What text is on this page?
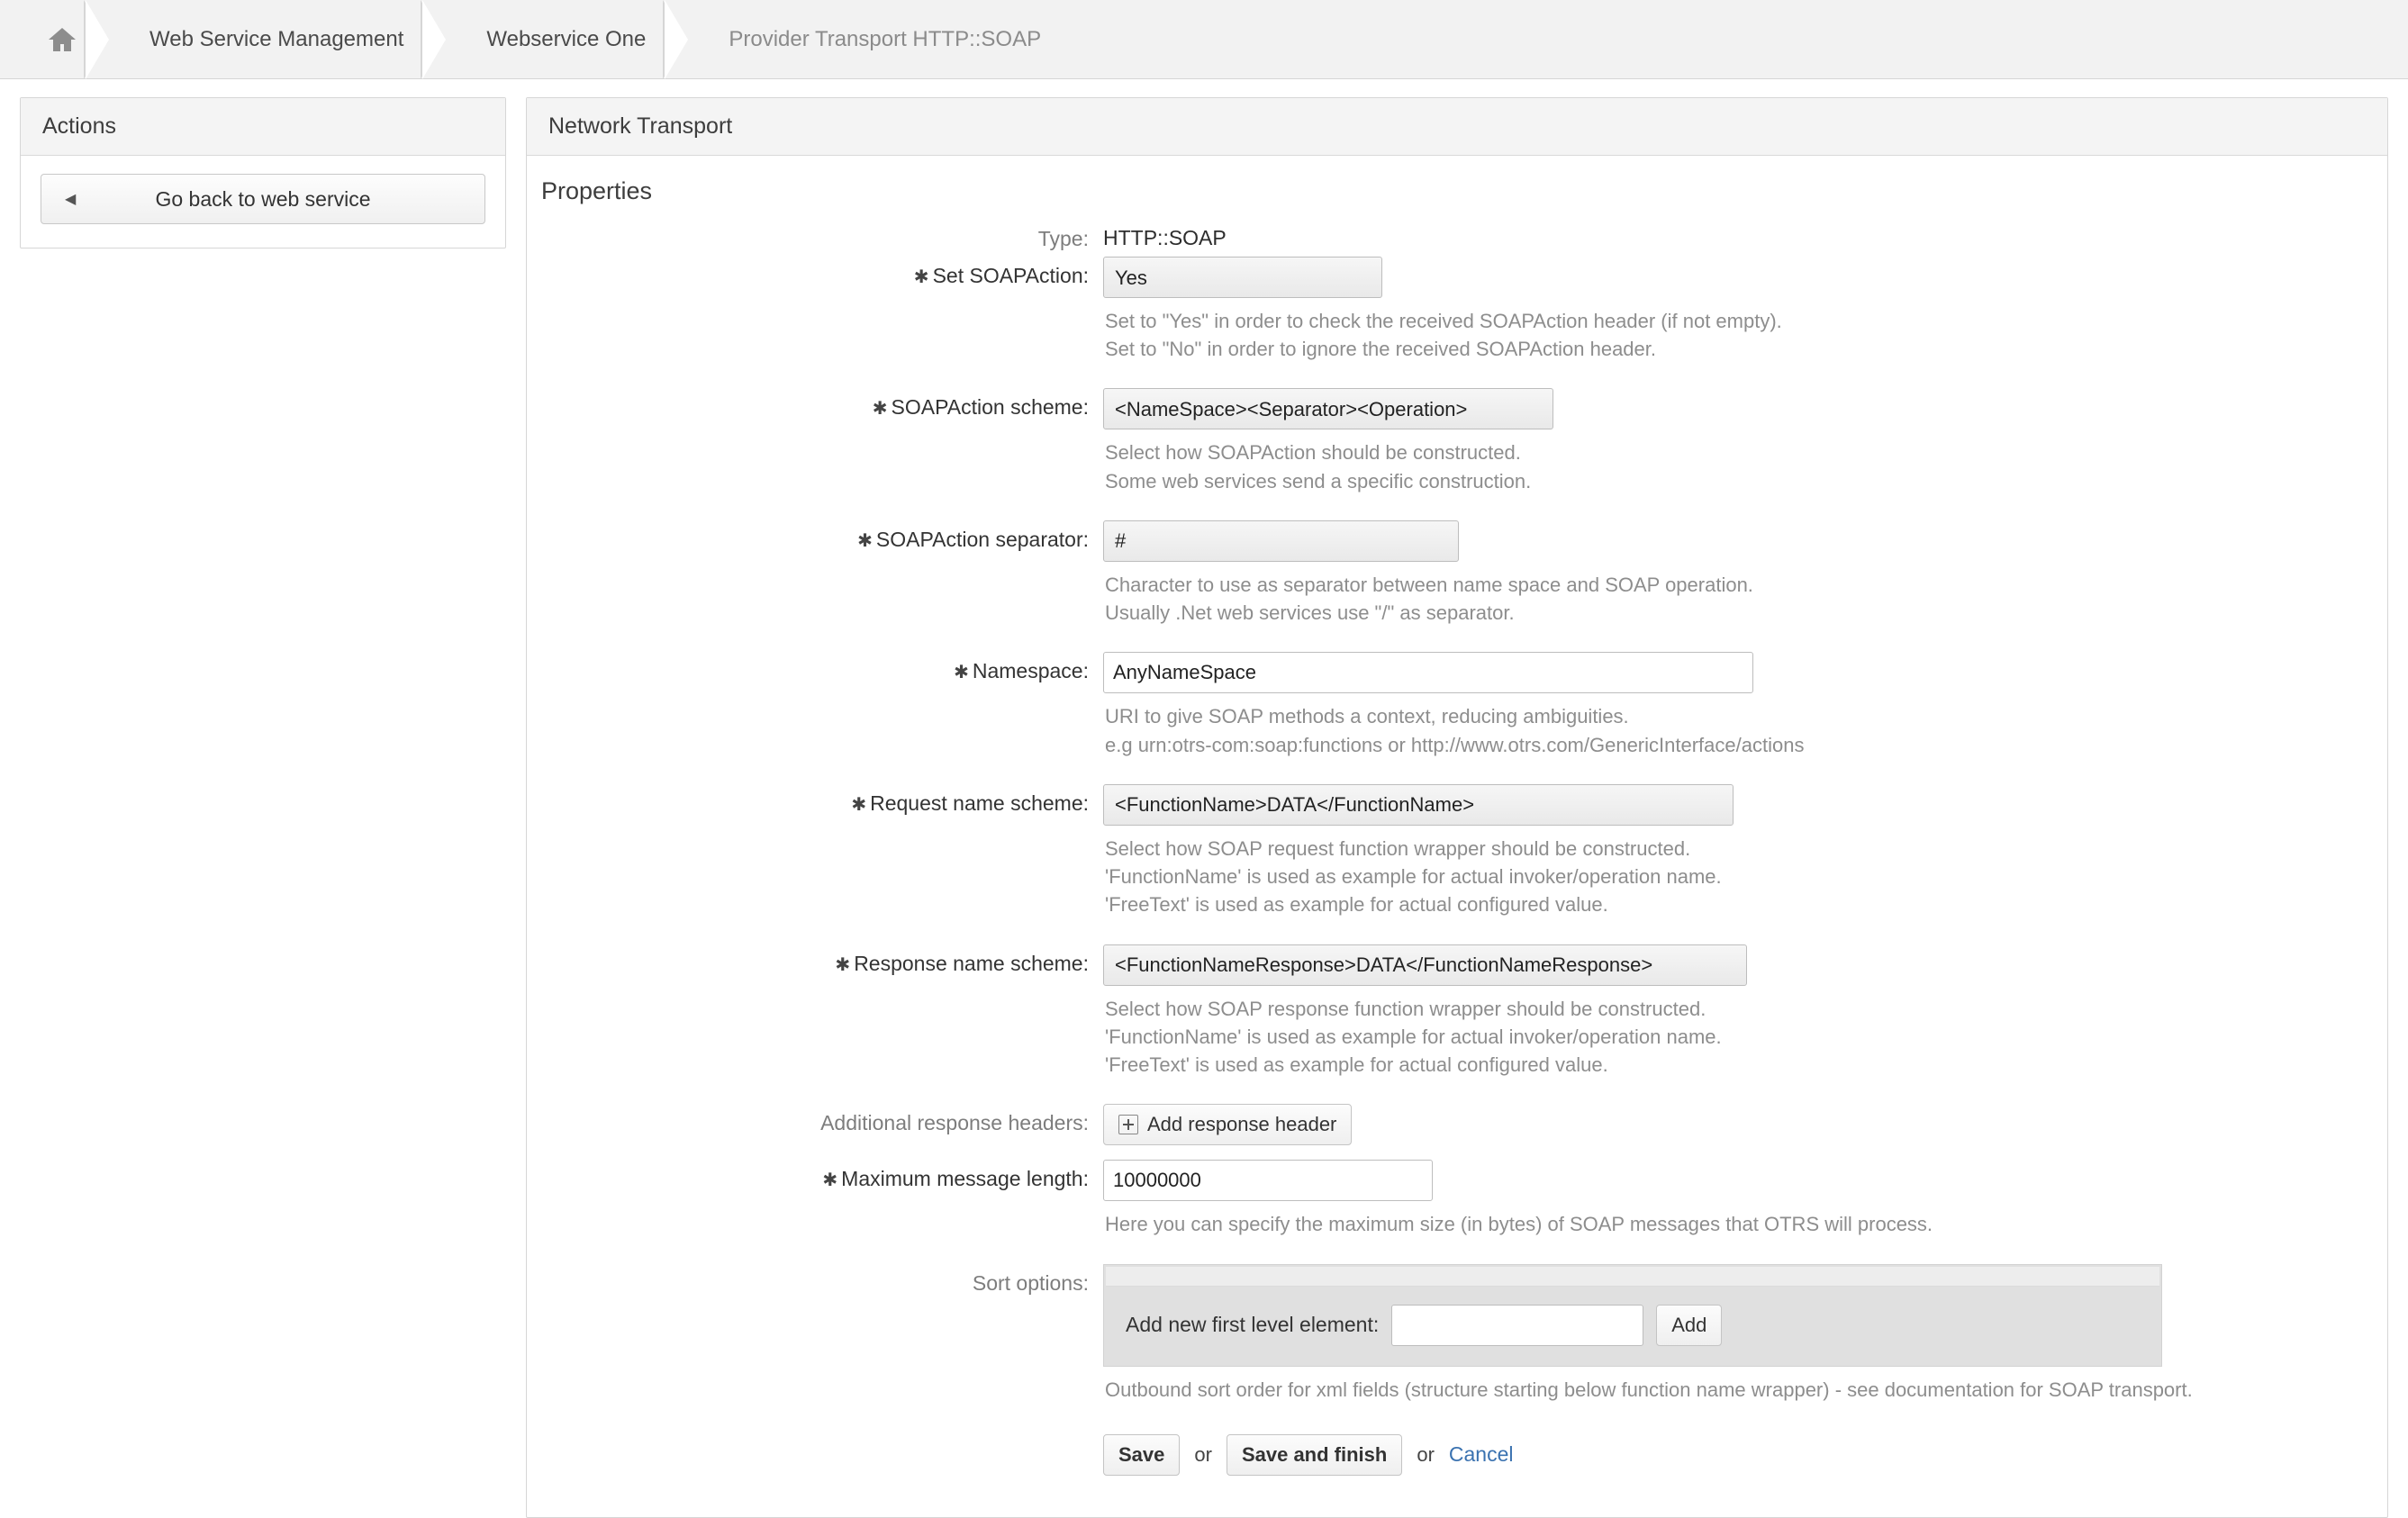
Web Service Management	Webservice One	Provider Transport HTTP::SOAP
Actions
◀	Go back to web service
Network Transport
Properties
Type: HTTP::SOAP
✱ Set SOAPAction:
Yes
Set to "Yes" in order to check the received SOAPAction header (if not empty).
Set to "No" in order to ignore the received SOAPAction header.
✱ SOAPAction scheme:
<NameSpace><Separator><Operation>
Select how SOAPAction should be constructed.
Some web services send a specific construction.
✱ SOAPAction separator:
#
Character to use as separator between name space and SOAP operation.
Usually .Net web services use "/" as separator.
✱ Namespace:
AnyNameSpace
URI to give SOAP methods a context, reducing ambiguities.
e.g urn:otrs-com:soap:functions or http://www.otrs.com/GenericInterface/actions
✱ Request name scheme:
<FunctionName>DATA</FunctionName>
Select how SOAP request function wrapper should be constructed.
'FunctionName' is used as example for actual invoker/operation name.
'FreeText' is used as example for actual configured value.
✱ Response name scheme:
<FunctionNameResponse>DATA</FunctionNameResponse>
Select how SOAP response function wrapper should be constructed.
'FunctionName' is used as example for actual invoker/operation name.
'FreeText' is used as example for actual configured value.
Additional response headers:	Add response header
✱ Maximum message length:
10000000
Here you can specify the maximum size (in bytes) of SOAP messages that OTRS will process.
Sort options:
Add new first level element:	Add
Outbound sort order for xml fields (structure starting below function name wrapper) - see documentation for SOAP transport.
Save or Save and finish or Cancel
